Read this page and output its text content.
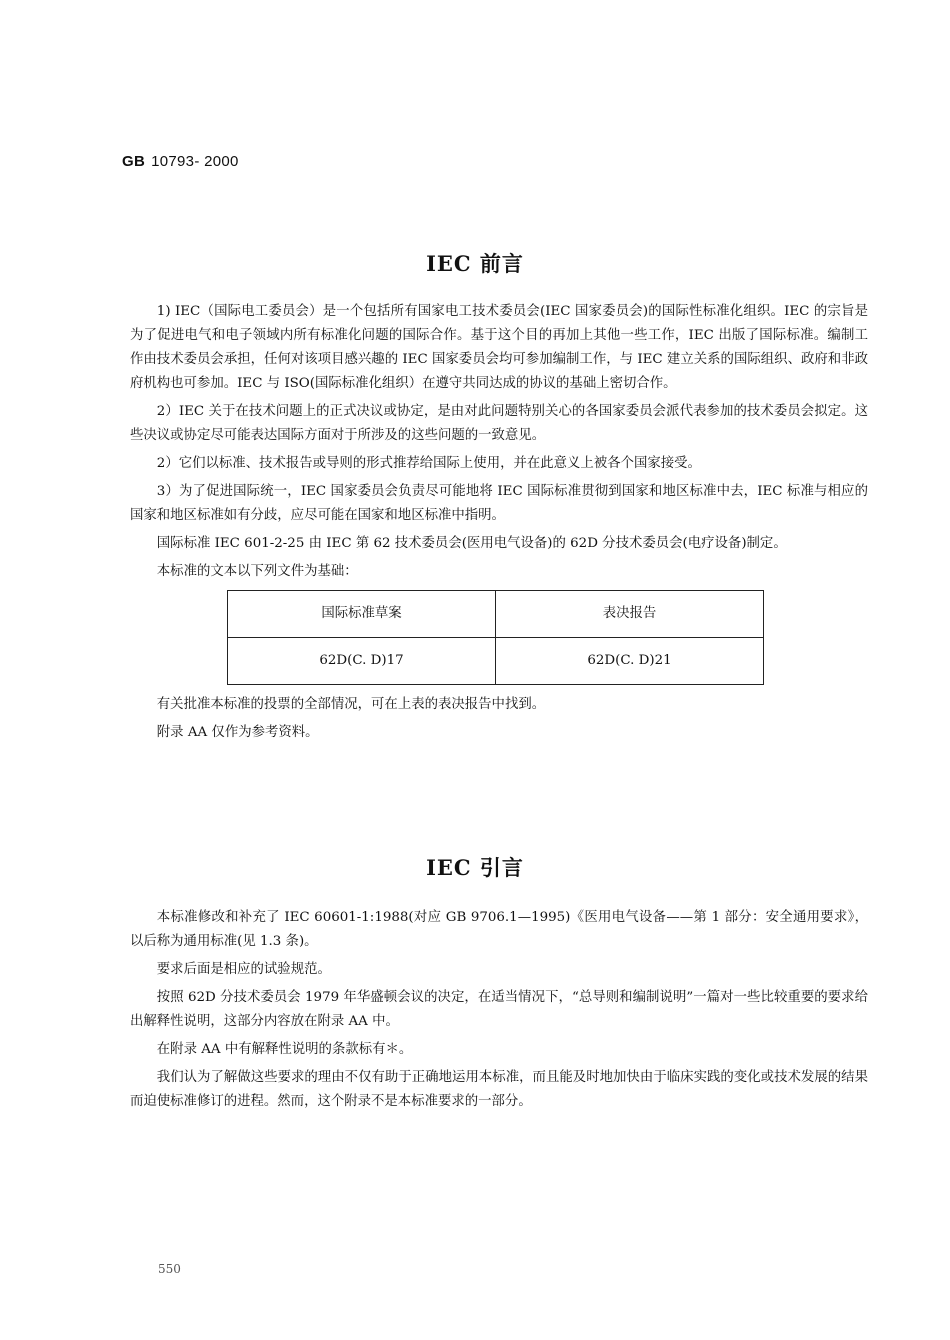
GB 10793- 2000
IEC 前言

1) IEC（国际电工委员会）是一个包括所有国家电工技术委员会(IEC 国家委员会)的国际性标准化组织。IEC 的宗旨是为了促进电气和电子领域内所有标准化问题的国际合作。基于这个目的再加上其他一些工作，IEC 出版了国际标准。编制工作由技术委员会承担，任何对该项目感兴趣的 IEC 国家委员会均可参加编制工作，与 IEC 建立关系的国际组织、政府和非政府机构也可参加。IEC 与 ISO(国际标准化组织）在遵守共同达成的协议的基础上密切合作。

2）IEC 关于在技术问题上的正式决议或协定，是由对此问题特别关心的各国家委员会派代表参加的技术委员会拟定。这些决议或协定尽可能表达国际方面对于所涉及的这些问题的一致意见。

2）它们以标准、技术报告或导则的形式推荐给国际上使用，并在此意义上被各个国家接受。

3）为了促进国际统一，IEC 国家委员会负责尽可能地将 IEC 国际标准贯彻到国家和地区标准中去，IEC 标准与相应的国家和地区标准如有分歧，应尽可能在国家和地区标准中指明。

国际标准 IEC 601-2-25 由 IEC 第 62 技术委员会(医用电气设备)的 62D 分技术委员会(电疗设备)制定。

本标准的文本以下列文件为基础：

国际标准草案	表决报告
62D(C. D)17	62D(C. D)21

有关批准本标准的投票的全部情况，可在上表的表决报告中找到。

附录 AA 仅作为参考资料。

IEC 引言

本标准修改和补充了 IEC 60601-1:1988(对应 GB 9706.1—1995)《医用电气设备——第 1 部分：安全通用要求》，以后称为通用标准(见 1.3 条)。

要求后面是相应的试验规范。

按照 62D 分技术委员会 1979 年华盛顿会议的决定，在适当情况下，“总导则和编制说明”一篇对一些比较重要的要求给出解释性说明，这部分内容放在附录 AA 中。

在附录 AA 中有解释性说明的条款标有＊。

我们认为了解做这些要求的理由不仅有助于正确地运用本标准，而且能及时地加快由于临床实践的变化或技术发展的结果而迫使标准修订的进程。然而，这个附录不是本标准要求的一部分。

550
